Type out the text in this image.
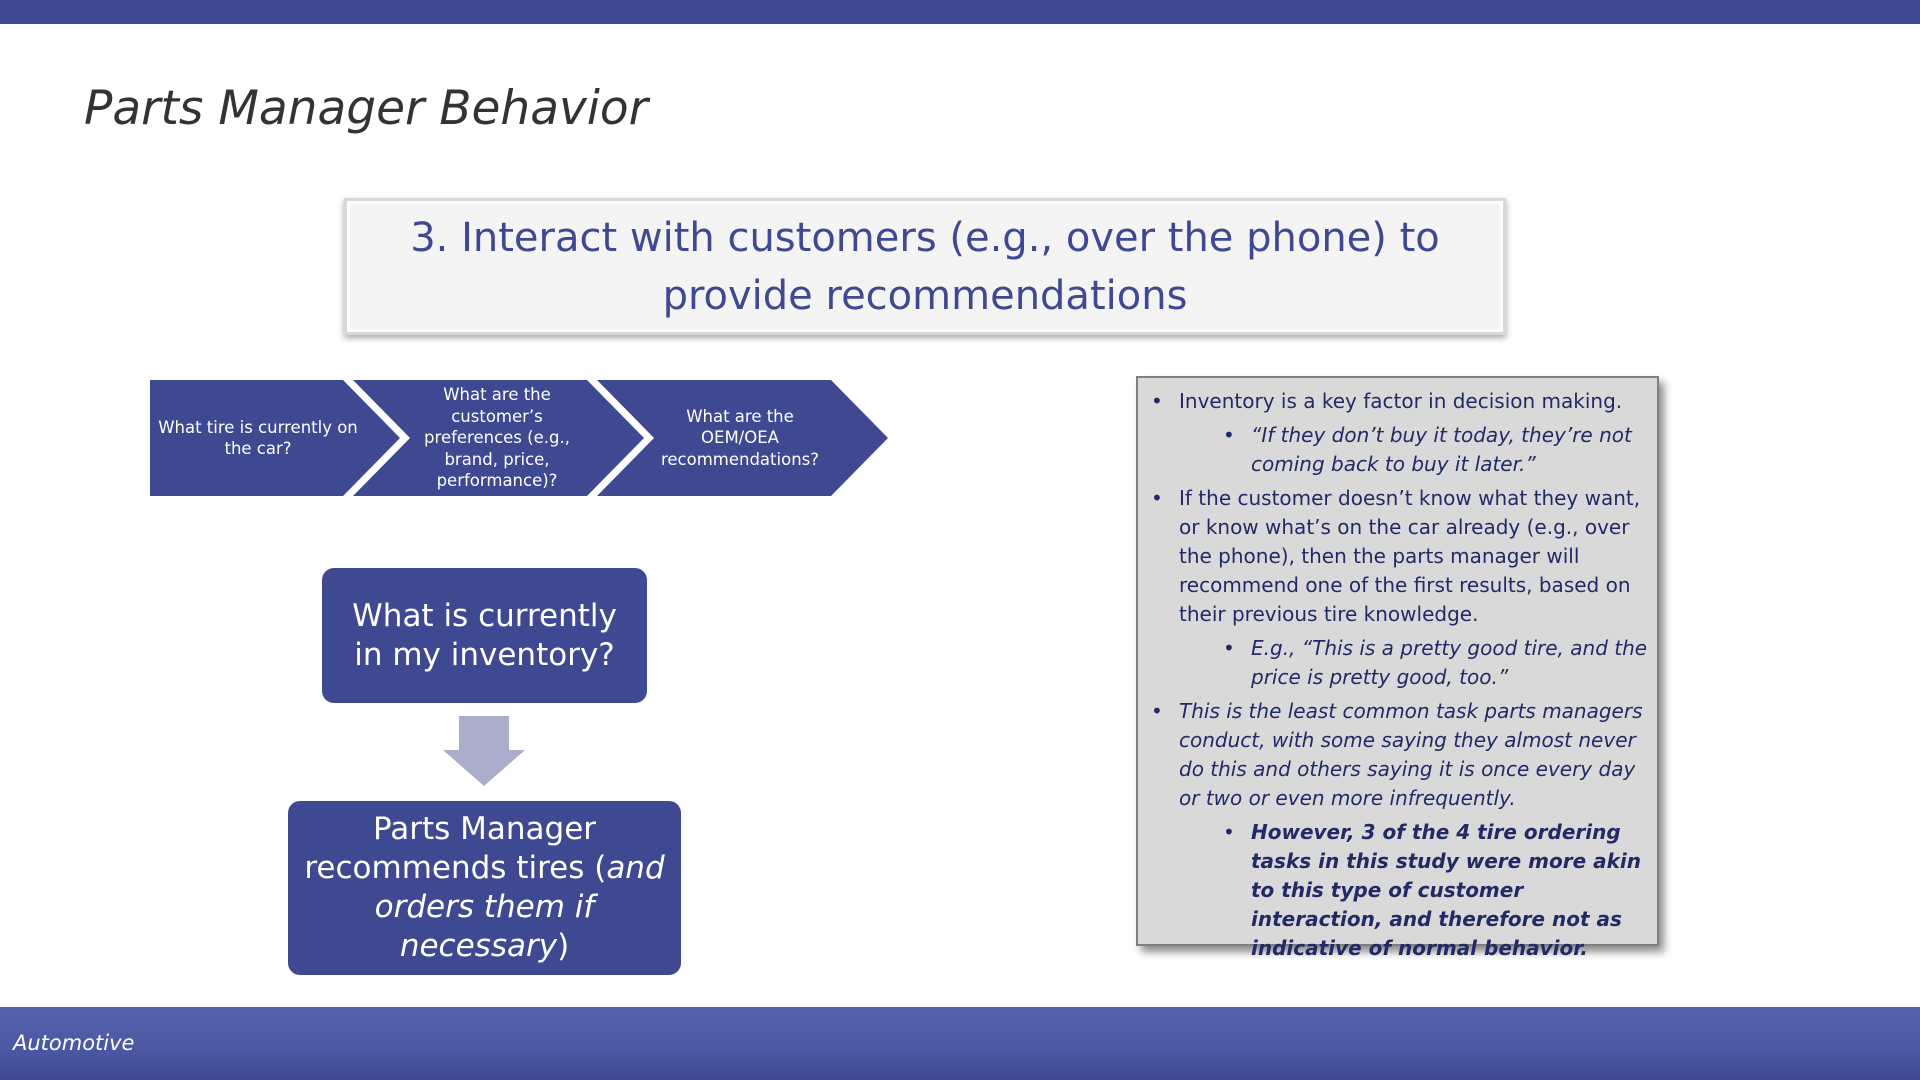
Parts Manager Behavior
3. Interact with customers (e.g., over the phone) to provide recommendations
What tire is currently on the car?
What are the customer’s preferences (e.g., brand, price, performance)?
What are the OEM/OEA recommendations?
What is currently in my inventory?
Parts Manager recommends tires (and orders them if necessary)
• Inventory is a key factor in decision making.
• “If they don’t buy it today, they’re not coming back to buy it later.”
• If the customer doesn’t know what they want, or know what’s on the car already (e.g., over the phone), then the parts manager will recommend one of the first results, based on their previous tire knowledge.
• E.g., “This is a pretty good tire, and the price is pretty good, too.”
• This is the least common task parts managers conduct, with some saying they almost never do this and others saying it is once every day or two or even more infrequently.
• However, 3 of the 4 tire ordering tasks in this study were more akin to this type of customer interaction, and therefore not as indicative of normal behavior.
Automotive
